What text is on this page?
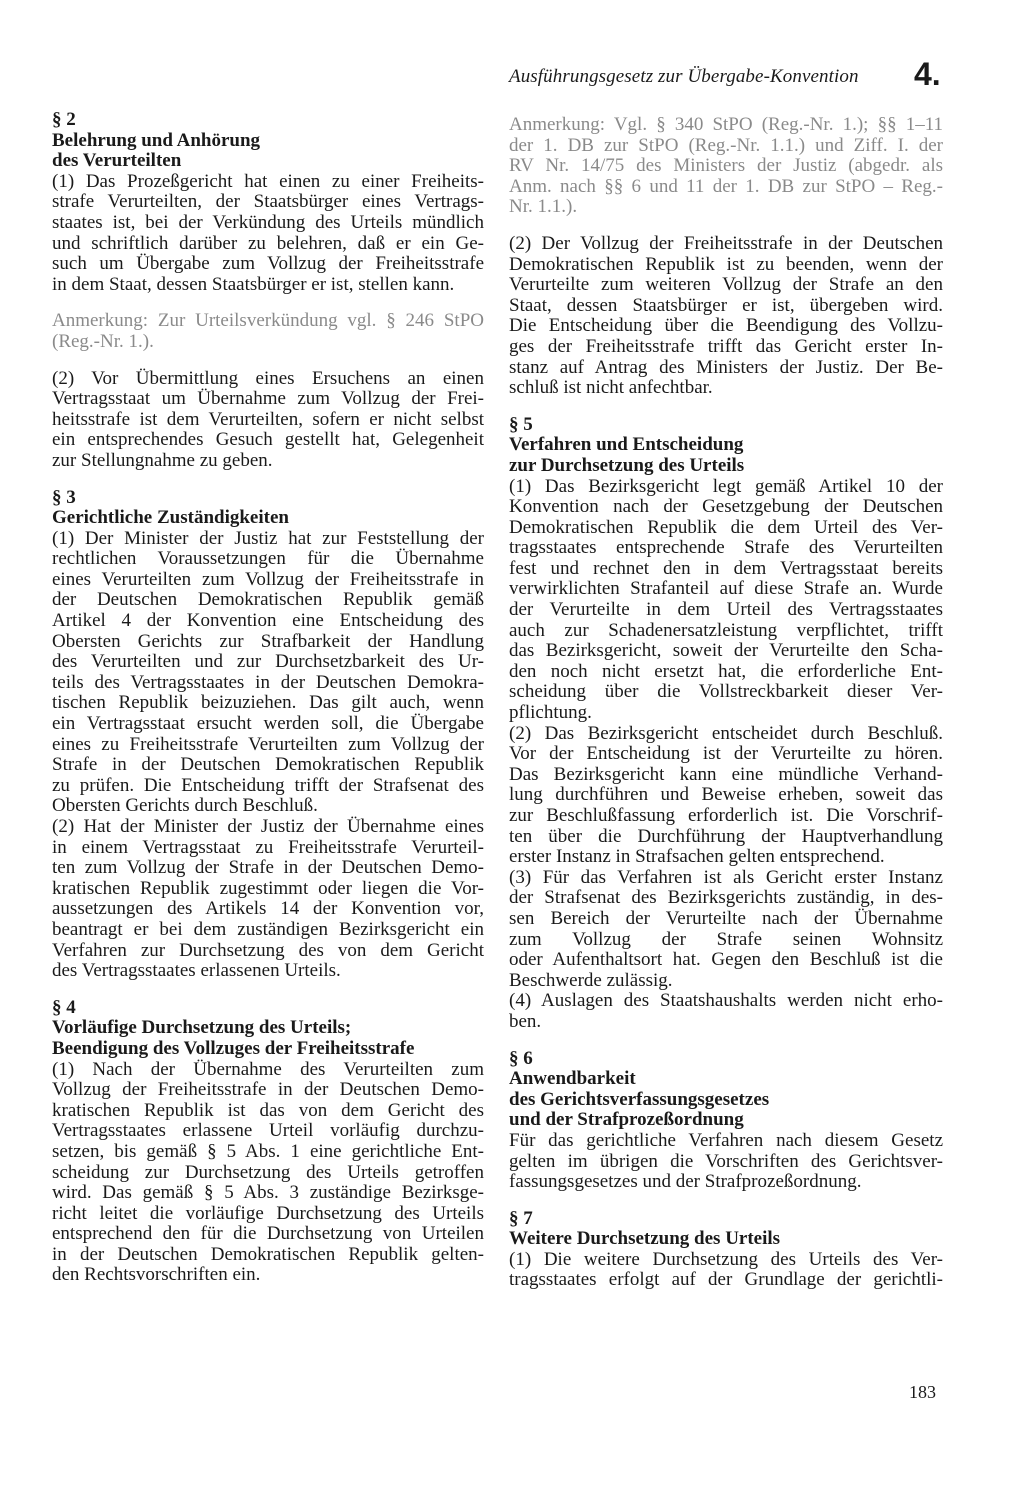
Ausführungsgesetz zur Übergabe-Konvention 4.
§ 2
Belehrung und Anhörung
des Verurteilten
(1) Das Prozeßgericht hat einen zu einer Freiheits-
strafe Verurteilten, der Staatsbürger eines Vertrags-
staates ist, bei der Verkündung des Urteils mündlich
und schriftlich darüber zu belehren, daß er ein Ge-
such um Übergabe zum Vollzug der Freiheitsstrafe
in dem Staat, dessen Staatsbürger er ist, stellen kann.
Anmerkung: Zur Urteilsverkündung vgl. § 246 StPO
(Reg.-Nr. 1.).
(2) Vor Übermittlung eines Ersuchens an einen
Vertragsstaat um Übernahme zum Vollzug der Frei-
heitsstrafe ist dem Verurteilten, sofern er nicht selbst
ein entsprechendes Gesuch gestellt hat, Gelegenheit
zur Stellungnahme zu geben.
§ 3
Gerichtliche Zuständigkeiten
(1) Der Minister der Justiz hat zur Feststellung der
rechtlichen Voraussetzungen für die Übernahme
eines Verurteilten zum Vollzug der Freiheitsstrafe in
der Deutschen Demokratischen Republik gemäß
Artikel 4 der Konvention eine Entscheidung des
Obersten Gerichts zur Strafbarkeit der Handlung
des Verurteilten und zur Durchsetzbarkeit des Ur-
teils des Vertragsstaates in der Deutschen Demokra-
tischen Republik beizuziehen. Das gilt auch, wenn
ein Vertragsstaat ersucht werden soll, die Übergabe
eines zu Freiheitsstrafe Verurteilten zum Vollzug der
Strafe in der Deutschen Demokratischen Republik
zu prüfen. Die Entscheidung trifft der Strafsenat des
Obersten Gerichts durch Beschluß.
(2) Hat der Minister der Justiz der Übernahme eines
in einem Vertragsstaat zu Freiheitsstrafe Verurteil-
ten zum Vollzug der Strafe in der Deutschen Demo-
kratischen Republik zugestimmt oder liegen die Vor-
aussetzungen des Artikels 14 der Konvention vor,
beantragt er bei dem zuständigen Bezirksgericht ein
Verfahren zur Durchsetzung des von dem Gericht
des Vertragsstaates erlassenen Urteils.
§ 4
Vorläufige Durchsetzung des Urteils;
Beendigung des Vollzuges der Freiheitsstrafe
(1) Nach der Übernahme des Verurteilten zum
Vollzug der Freiheitsstrafe in der Deutschen Demo-
kratischen Republik ist das von dem Gericht des
Vertragsstaates erlassene Urteil vorläufig durchzu-
setzen, bis gemäß § 5 Abs. 1 eine gerichtliche Ent-
scheidung zur Durchsetzung des Urteils getroffen
wird. Das gemäß § 5 Abs. 3 zuständige Bezirksge-
richt leitet die vorläufige Durchsetzung des Urteils
entsprechend den für die Durchsetzung von Urteilen
in der Deutschen Demokratischen Republik gelten-
den Rechtsvorschriften ein.
Anmerkung: Vgl. § 340 StPO (Reg.-Nr. 1.); §§ 1–11
der 1. DB zur StPO (Reg.-Nr. 1.1.) und Ziff. I. der
RV Nr. 14/75 des Ministers der Justiz (abgedr. als
Anm. nach §§ 6 und 11 der 1. DB zur StPO – Reg.-
Nr. 1.1.).
(2) Der Vollzug der Freiheitsstrafe in der Deutschen
Demokratischen Republik ist zu beenden, wenn der
Verurteilte zum weiteren Vollzug der Strafe an den
Staat, dessen Staatsbürger er ist, übergeben wird.
Die Entscheidung über die Beendigung des Vollzu-
ges der Freiheitsstrafe trifft das Gericht erster In-
stanz auf Antrag des Ministers der Justiz. Der Be-
schluß ist nicht anfechtbar.
§ 5
Verfahren und Entscheidung
zur Durchsetzung des Urteils
(1) Das Bezirksgericht legt gemäß Artikel 10 der
Konvention nach der Gesetzgebung der Deutschen
Demokratischen Republik die dem Urteil des Ver-
tragsstaates entsprechende Strafe des Verurteilten
fest und rechnet den in dem Vertragsstaat bereits
verwirklichten Strafanteil auf diese Strafe an. Wurde
der Verurteilte in dem Urteil des Vertragsstaates
auch zur Schadenersatzleistung verpflichtet, trifft
das Bezirksgericht, soweit der Verurteilte den Scha-
den noch nicht ersetzt hat, die erforderliche Ent-
scheidung über die Vollstreckbarkeit dieser Ver-
pflichtung.
(2) Das Bezirksgericht entscheidet durch Beschluß.
Vor der Entscheidung ist der Verurteilte zu hören.
Das Bezirksgericht kann eine mündliche Verhand-
lung durchführen und Beweise erheben, soweit das
zur Beschlußfassung erforderlich ist. Die Vorschrif-
ten über die Durchführung der Hauptverhandlung
erster Instanz in Strafsachen gelten entsprechend.
(3) Für das Verfahren ist als Gericht erster Instanz
der Strafsenat des Bezirksgerichts zuständig, in des-
sen Bereich der Verurteilte nach der Übernahme
zum Vollzug der Strafe seinen Wohnsitz
oder Aufenthaltsort hat. Gegen den Beschluß ist die
Beschwerde zulässig.
(4) Auslagen des Staatshaushalts werden nicht erho-
ben.
§ 6
Anwendbarkeit
des Gerichtsverfassungsgesetzes
und der Strafprozeßordnung
Für das gerichtliche Verfahren nach diesem Gesetz
gelten im übrigen die Vorschriften des Gerichtsver-
fassungsgesetzes und der Strafprozeßordnung.
§ 7
Weitere Durchsetzung des Urteils
(1) Die weitere Durchsetzung des Urteils des Ver-
tragsstaates erfolgt auf der Grundlage der gerichtli-
183
